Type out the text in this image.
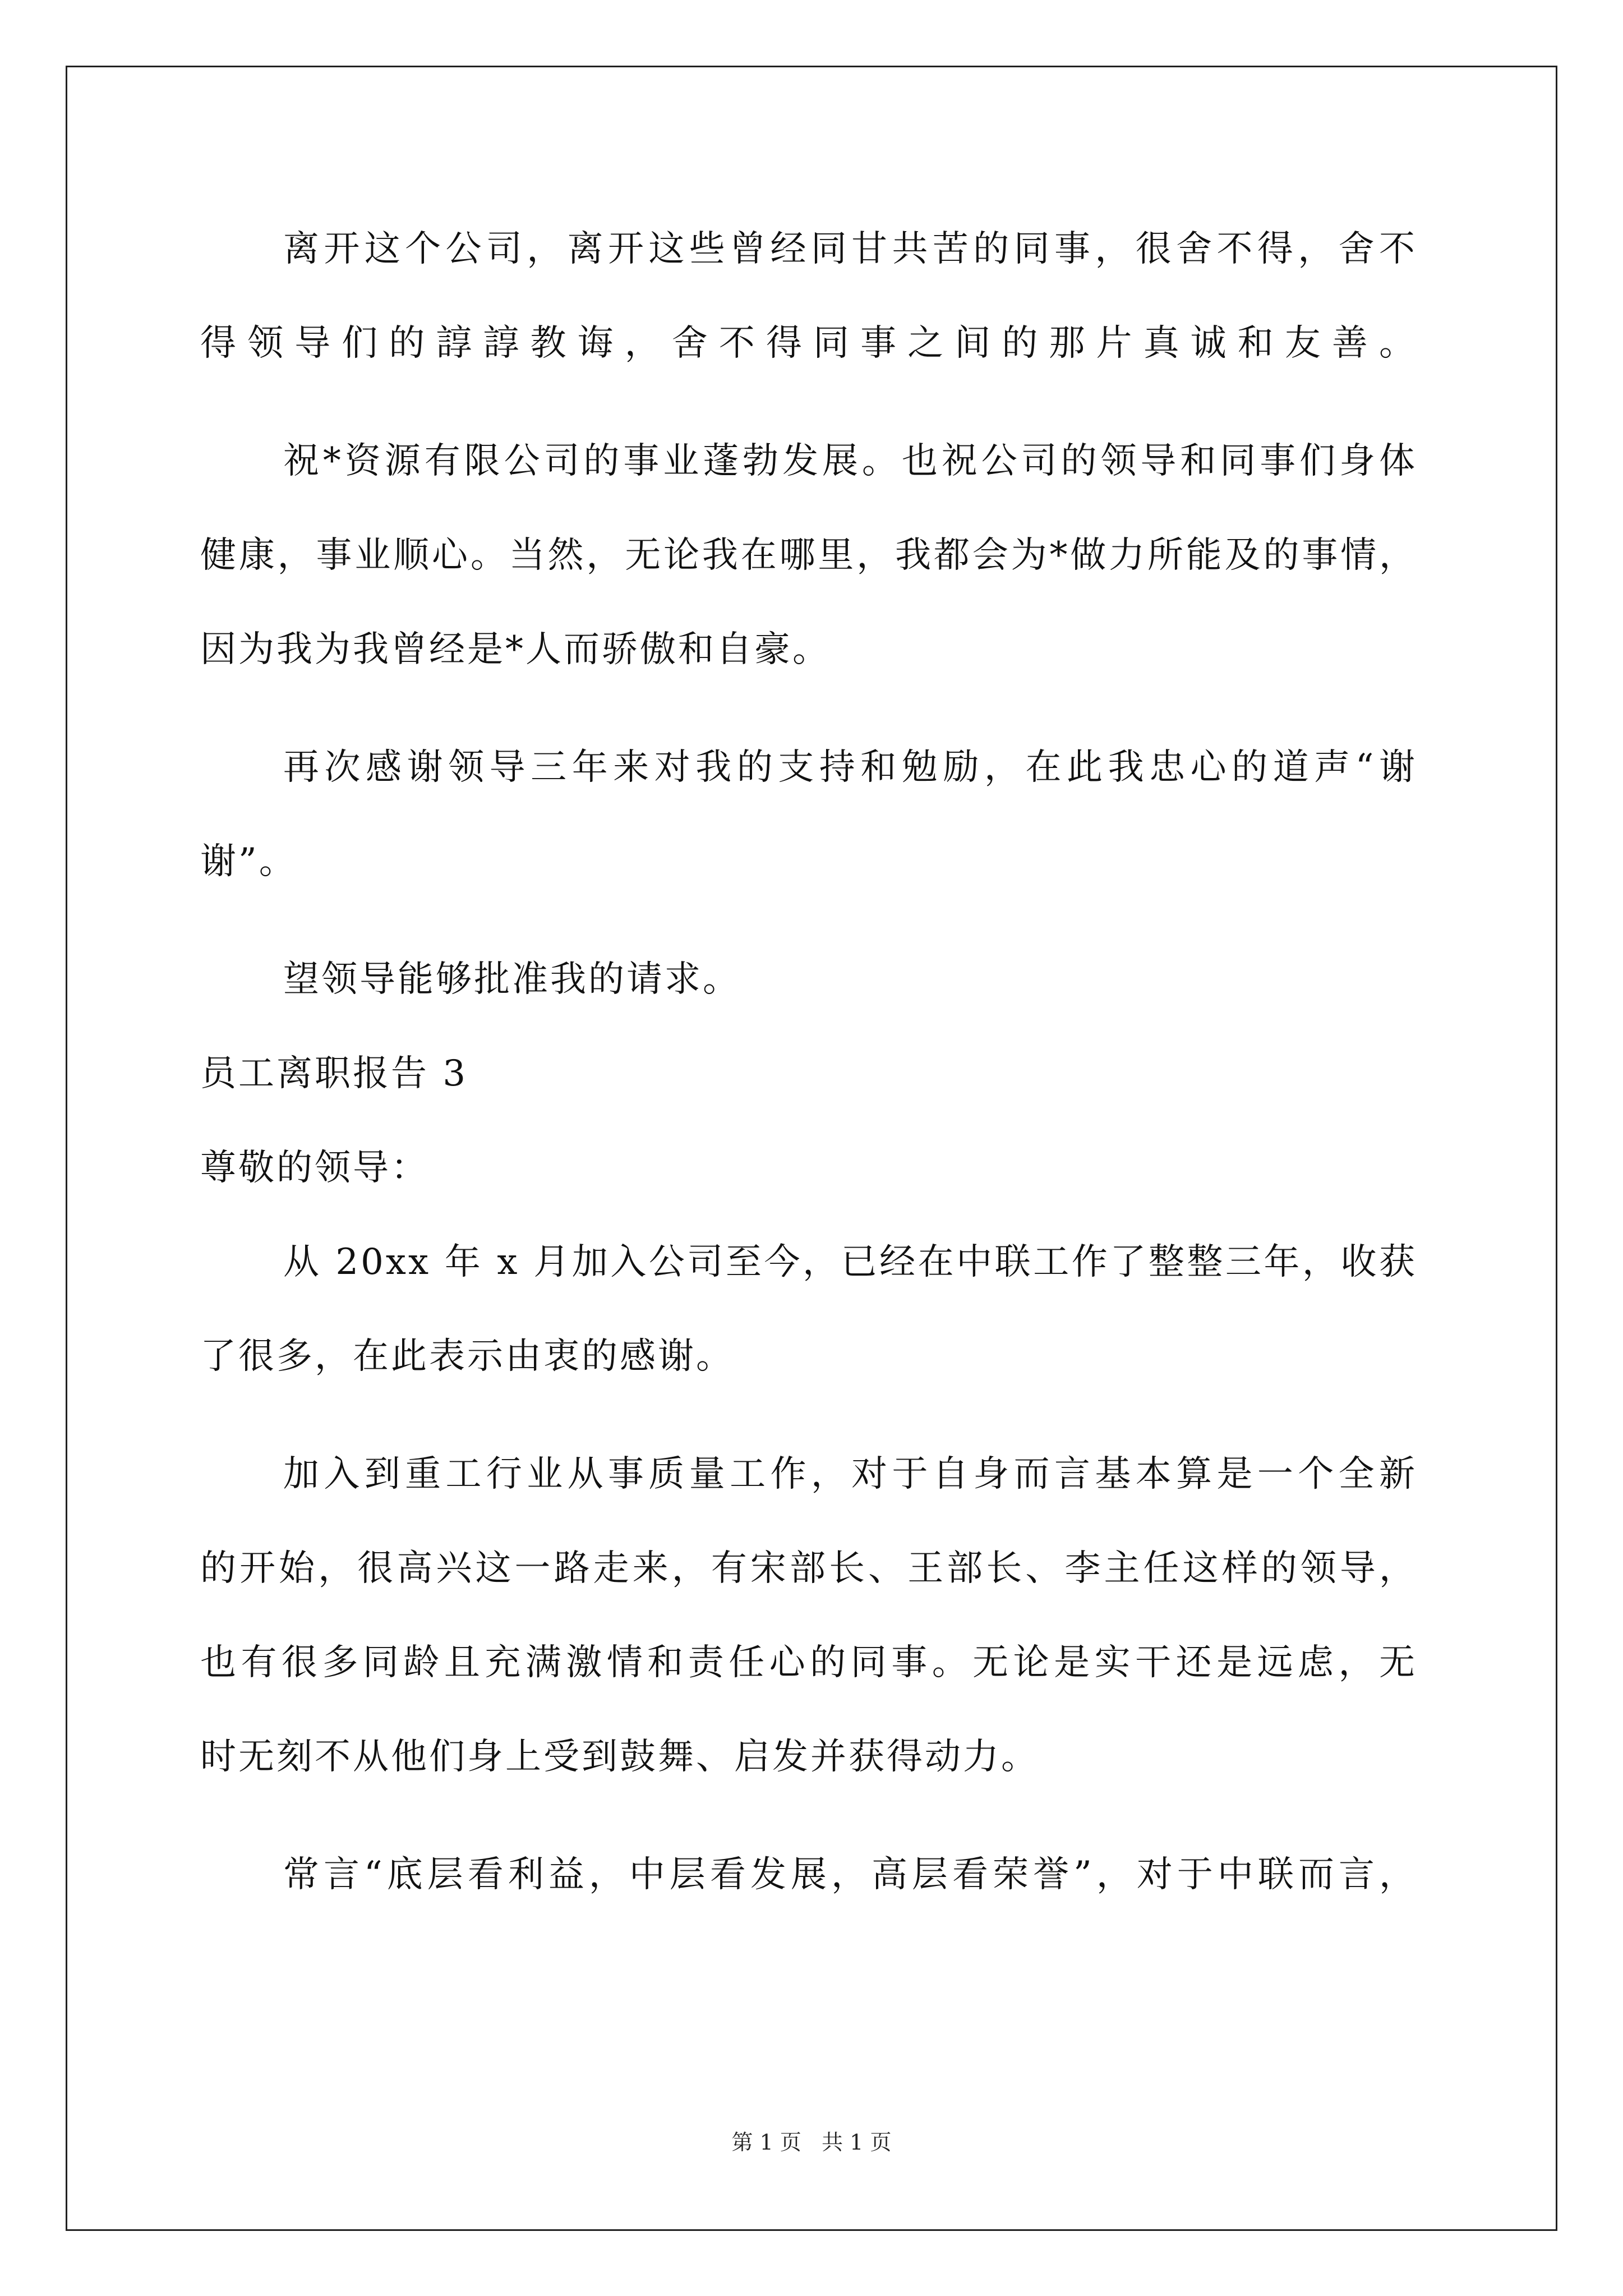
离开这个公司，离开这些曾经同甘共苦的同事，很舍不得，舍不
得领导们的諄諄教诲，舍不得同事之间的那片真诚和友善。
祝*资源有限公司的事业蓬勃发展。也祝公司的领导和同事们身体
健康，事业顺心。当然，无论我在哪里，我都会为*做力所能及的事情，
因为我为我曾经是*人而骄傲和自豪。
再次感谢领导三年来对我的支持和勉励，在此我忠心的道声“谢
谢”。
望领导能够批准我的请求。
员工离职报告 3
尊敬的领导：
从 20xx 年 x 月加入公司至今，已经在中联工作了整整三年，收获
了很多，在此表示由衷的感谢。
加入到重工行业从事质量工作，对于自身而言基本算是一个全新
的开始，很高兴这一路走来，有宋部长、王部长、李主任这样的领导，
也有很多同龄且充满激情和责任心的同事。无论是实干还是远虑，无
时无刻不从他们身上受到鼓舞、启发并获得动力。
常言“底层看利益，中层看发展，高层看荣誉”，对于中联而言，
第 1 页   共 1 页
